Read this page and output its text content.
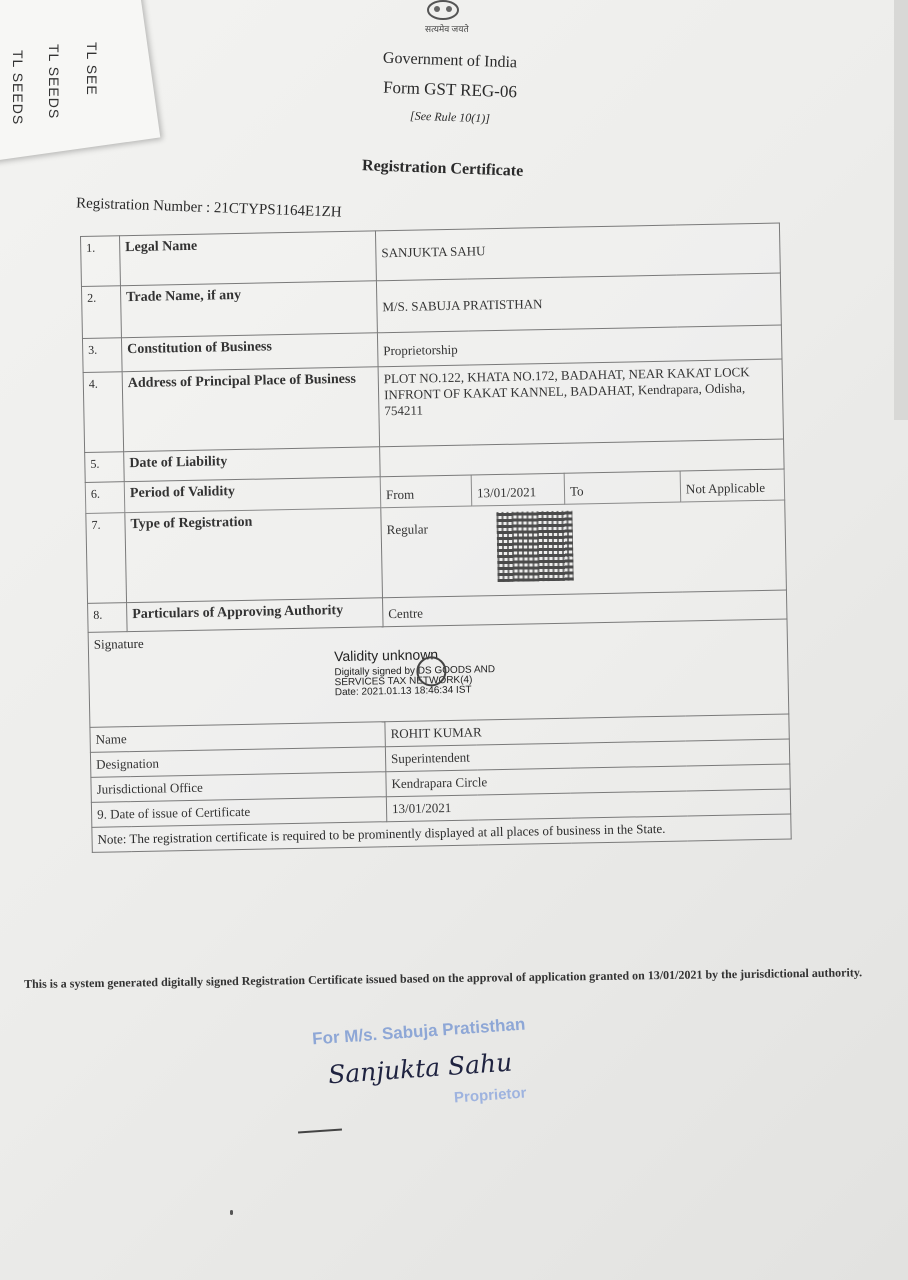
TL SEE
TL SEEDS
TL SEEDS
सत्यमेव जयते
Government of India
Form GST REG-06
[See Rule 10(1)]
Registration Certificate
Registration Number : 21CTYPS1164E1ZH
1.	Legal Name	SANJUKTA SAHU			
2.	Trade Name, if any	M/S. SABUJA PRATISTHAN			
3.	Constitution of Business	Proprietorship			
4.	Address of Principal Place of Business	PLOT NO.122, KHATA NO.172, BADAHAT, NEAR KAKAT LOCK INFRONT OF KAKAT KANNEL, BADAHAT, Kendrapara, Odisha, 754211			
5.	Date of Liability				
6.	Period of Validity	From	13/01/2021	To	Not Applicable
7.	Type of Registration	Regular			

8.	Particulars of Approving Authority	Centre			
Signature
Validity unknown
Digitally signed by DS GOODS AND
SERVICES TAX NETWORK(4)
Date: 2021.01.13 18:46:34 IST					

Name		ROHIT KUMAR			
Designation		Superintendent			
Jurisdictional Office		Kendrapara Circle			
9. Date of issue of Certificate		13/01/2021			
Note: The registration certificate is required to be prominently displayed at all places of business in the State.					
This is a system generated digitally signed Registration Certificate issued based on the approval of application granted on 13/01/2021 by the jurisdictional authority.
For M/s. Sabuja Pratisthan
Sanjukta Sahu
Proprietor
